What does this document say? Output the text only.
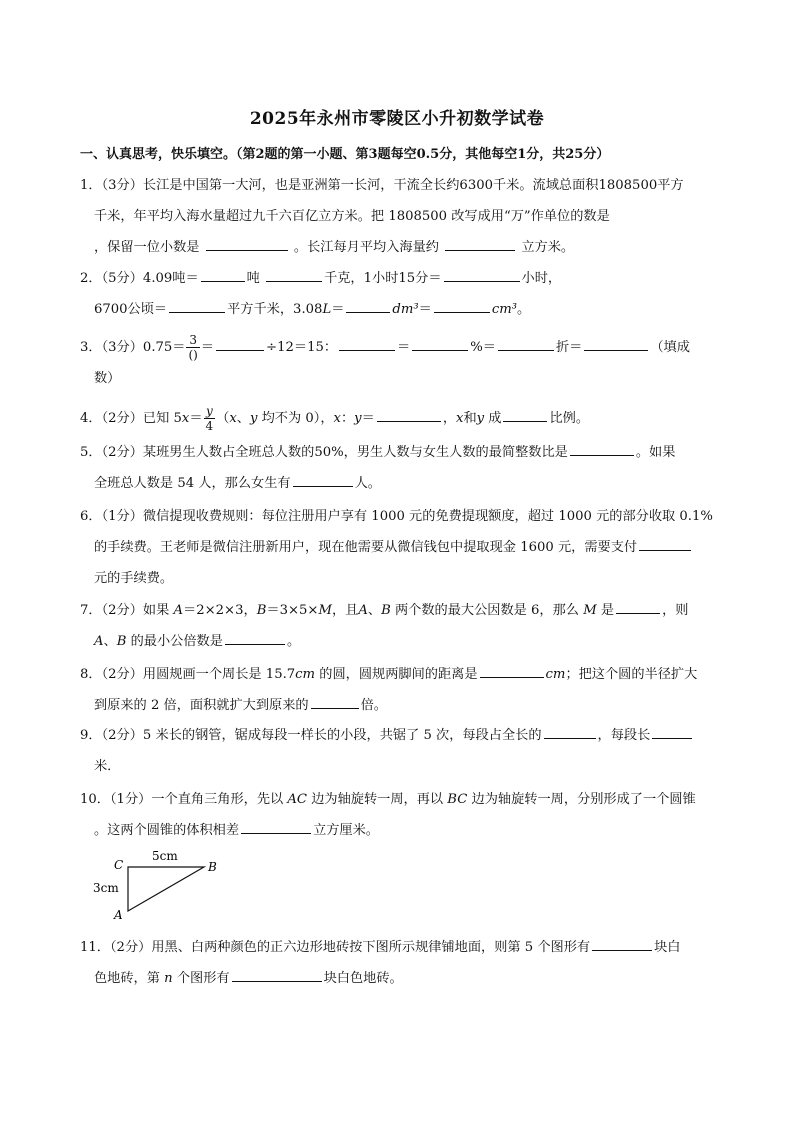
2025年永州市零陵区小升初数学试卷
一、认真思考，快乐填空。（第2题的第一小题、第3题每空0.5分，其他每空1分，共25分）
1．（3分）长江是中国第一大河，也是亚洲第一长河，干流全长约6300千米。流域总面积1808500平方
千米，年平均入海水量超过九千六百亿立方米。把 1808500 改写成用“万”作单位的数是
，保留一位小数是	。长江每月平均入海量约	立方米。
2．（5分）4.09吨＝	吨	千克，1小时15分＝	小时，
6700公顷＝	平方千米，3.08L＝	dm³＝	cm³。
3．（3分）$0.75= \frac{3}{()}$ ＝	÷12＝15：	＝	%＝	折＝	（填成
数）
4．（2分）已知 $5x= \frac{y}{4} (x$、y 均不为 0），x：y＝	，x和y 成	比例。
5．（2分）某班男生人数占全班总人数的50%，男生人数与女生人数的最简整数比是	。如果
全班总人数是 54 人，那么女生有	人。
6．（1分）微信提现收费规则：每位注册用户享有 1000 元的免费提现额度，超过 1000 元的部分收取 0.1%
的手续费。王老师是微信注册新用户，现在他需要从微信钱包中提取现金 1600 元，需要支付
元的手续费。
7．（2分）如果 A＝2×2×3，B＝3×5×M，且A、B 两个数的最大公因数是 6，那么 M 是	，则
A、B 的最小公倍数是	。
8．（2分）用圆规画一个周长是 15.7cm 的圆，圆规两脚间的距离是	cm；把这个圆的半径扩大
到原来的 2 倍，面积就扩大到原来的	倍。
9．（2分）5 米长的钢管，锯成每段一样长的小段，共锯了 5 次，每段占全长的	，每段长
米．
10．（1分）一个直角三角形，先以 AC 边为轴旋转一周，再以 BC 边为轴旋转一周，分别形成了一个圆锥
。这两个圆锥的体积相差	立方厘米。
C	B
A
5cm
3cm
11．（2分）用黑、白两种颜色的正六边形地砖按下图所示规律铺地面，则第 5 个图形有	块白
色地砖，第 n 个图形有	块白色地砖。
